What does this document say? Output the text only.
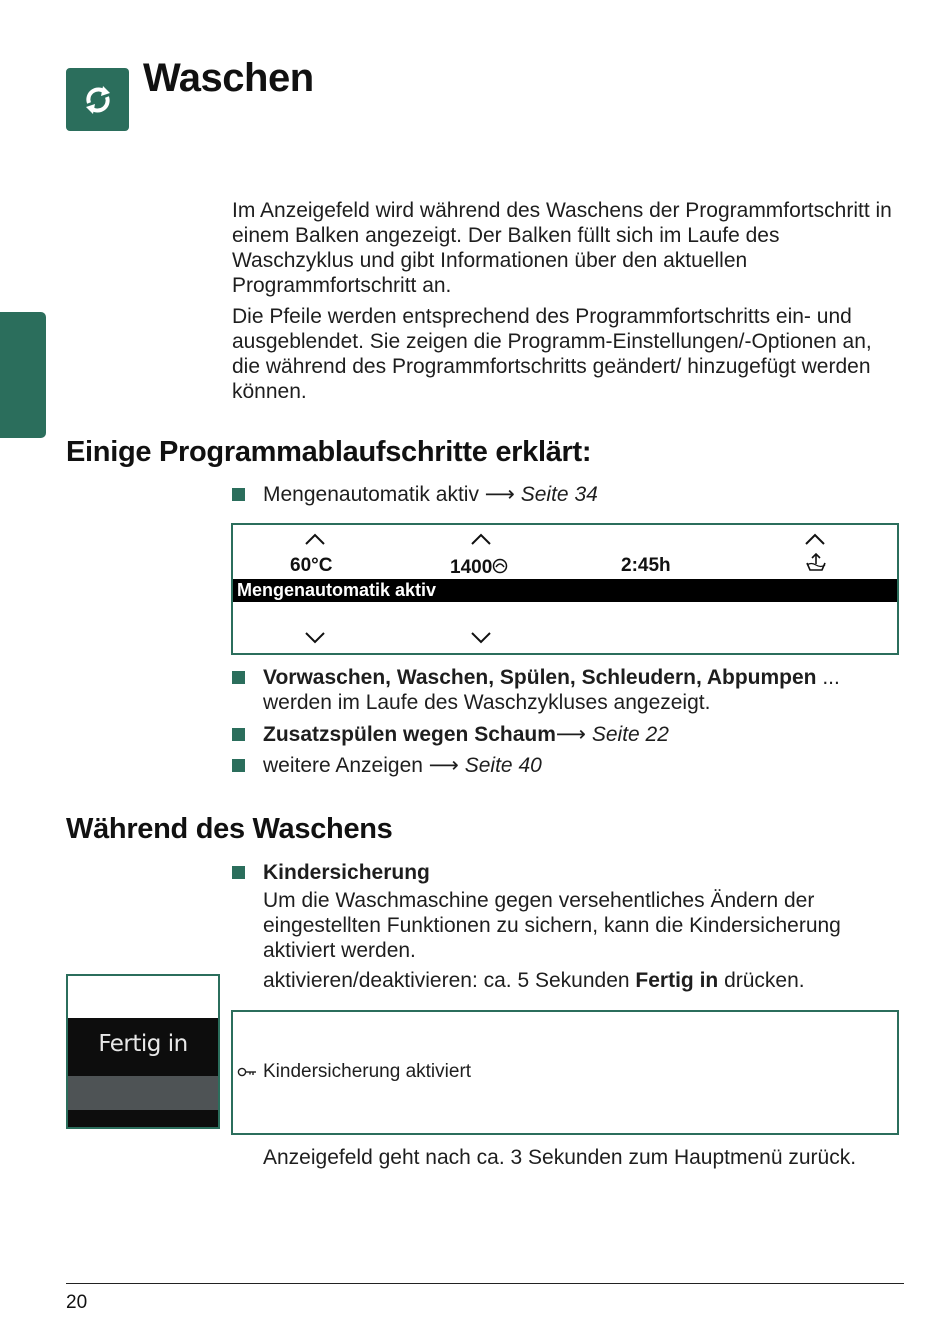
Waschen

Im Anzeigefeld wird während des Waschens der Programmfortschritt in einem Balken angezeigt. Der Balken füllt sich im Laufe des Waschzyklus und gibt Informationen über den aktuellen Programmfortschritt an.

Die Pfeile werden entsprechend des Programmfortschritts ein- und ausgeblendet. Sie zeigen die Programm-Einstellungen/-Optionen an, die während des Programmfortschritts geändert/ hinzugefügt werden können.

Einige Programmablaufschritte erklärt:
Mengenautomatik aktiv ⟶ Seite 34
60°C	1400	2:45h
Mengenautomatik aktiv
Vorwaschen, Waschen, Spülen, Schleudern, Abpumpen ... werden im Laufe des Waschzykluses angezeigt.
Zusatzspülen wegen Schaum⟶ Seite 22
weitere Anzeigen ⟶ Seite 40
Während des Waschens
Kindersicherung
Um die Waschmaschine gegen versehentliches Ändern der eingestellten Funktionen zu sichern, kann die Kindersicherung aktiviert werden.
aktivieren/deaktivieren: ca. 5 Sekunden Fertig in drücken.
Fertig in
Kindersicherung aktiviert
Anzeigefeld geht nach ca. 3 Sekunden zum Hauptmenü zurück.
20
